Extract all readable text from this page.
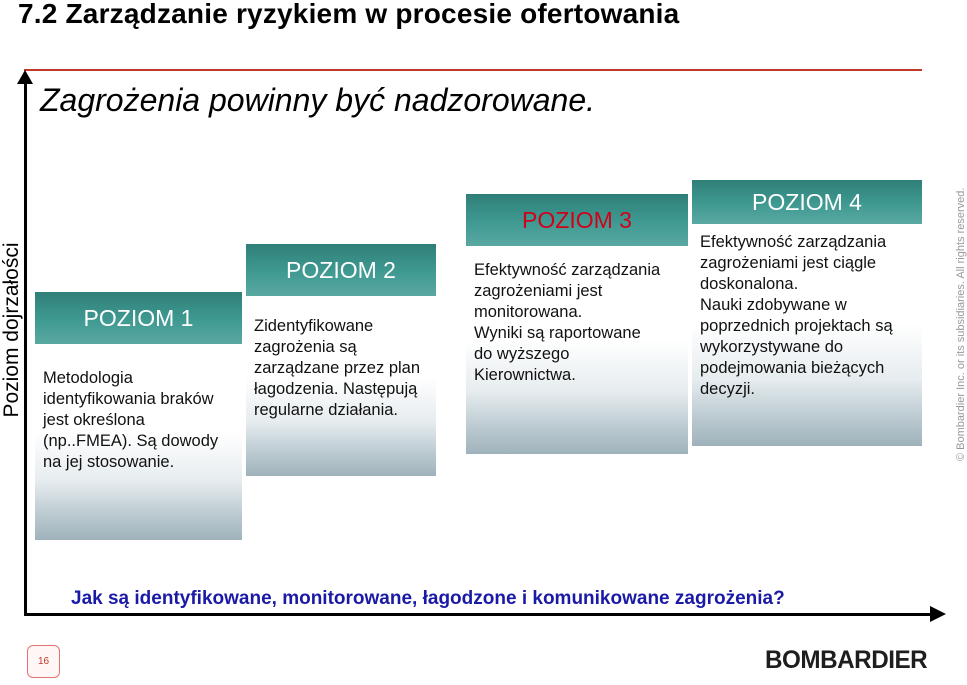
7.2 Zarządzanie ryzykiem w procesie ofertowania
Zagrożenia powinny być nadzorowane.
Poziom dojrzałości	POZIOM 1
Metodologia
identyfikowania braków
jest określona
(np..FMEA). Są dowody
na jej stosowanie.
POZIOM 2
Zidentyfikowane
zagrożenia są
zarządzane przez plan
łagodzenia. Następują
regularne działania.
POZIOM 3
Efektywność zarządzania
zagrożeniami jest
monitorowana.
Wyniki są raportowane
do wyższego
Kierownictwa.
POZIOM 4
Efektywność zarządzania
zagrożeniami jest ciągle
doskonalona.
Nauki zdobywane w
poprzednich projektach są
wykorzystywane do
podejmowania bieżących
decyzji.
Jak są identyfikowane, monitorowane, łagodzone i komunikowane zagrożenia?
© Bombardier Inc. or its subsidiaries. All rights reserved.
16	BOMBARDIER
